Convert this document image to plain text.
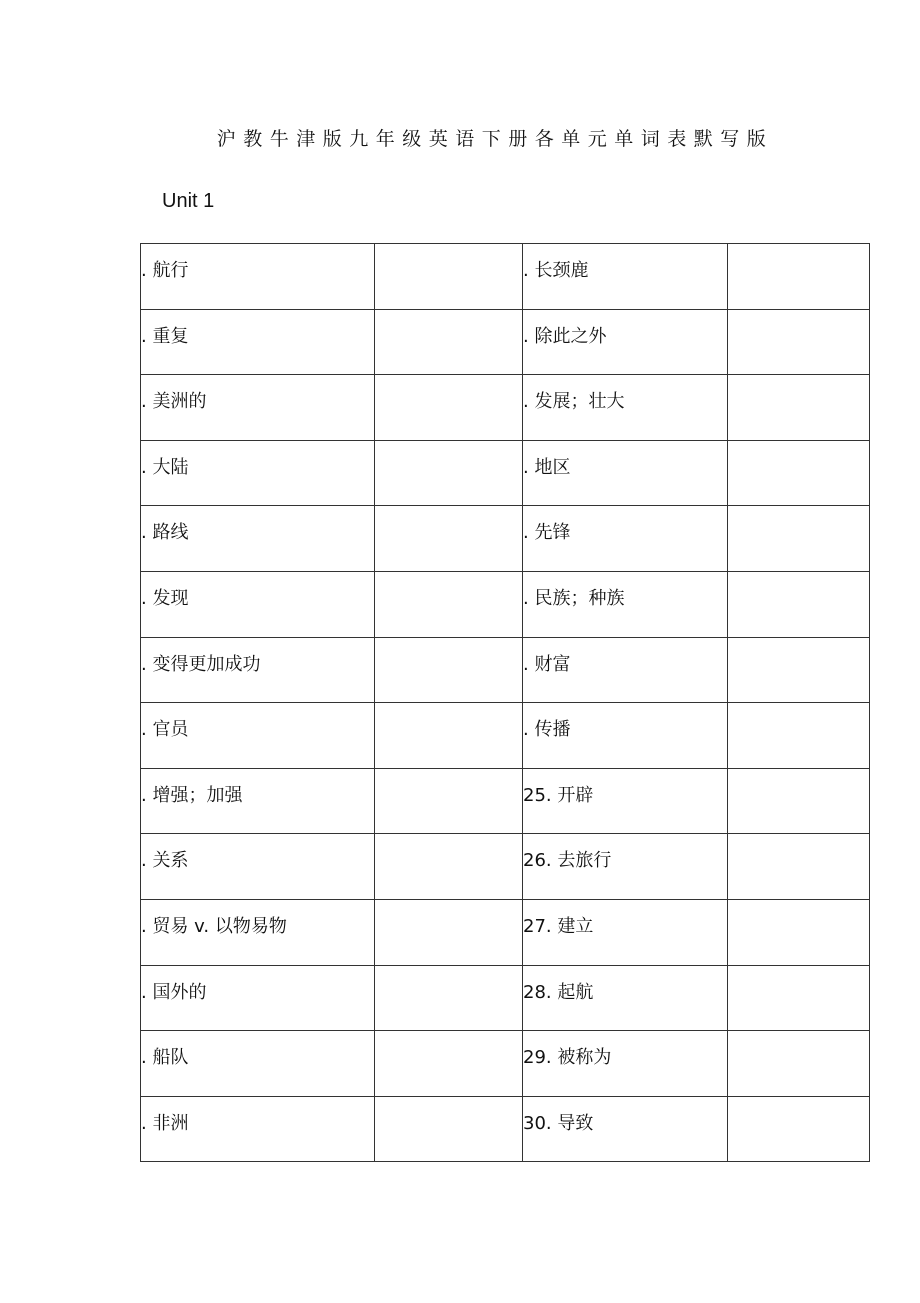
沪教牛津版九年级英语下册各单元单词表默写版
Unit 1
. 航行		. 长颈鹿	
. 重复		. 除此之外	
. 美洲的		. 发展；壮大	
. 大陆		. 地区	
. 路线		. 先锋	
. 发现		. 民族；种族	
. 变得更加成功		. 财富	
. 官员		. 传播	
. 增强；加强		25. 开辟	
. 关系		26. 去旅行	
. 贸易 v. 以物易物		27. 建立	
. 国外的		28. 起航	
. 船队		29. 被称为	
. 非洲		30. 导致	
